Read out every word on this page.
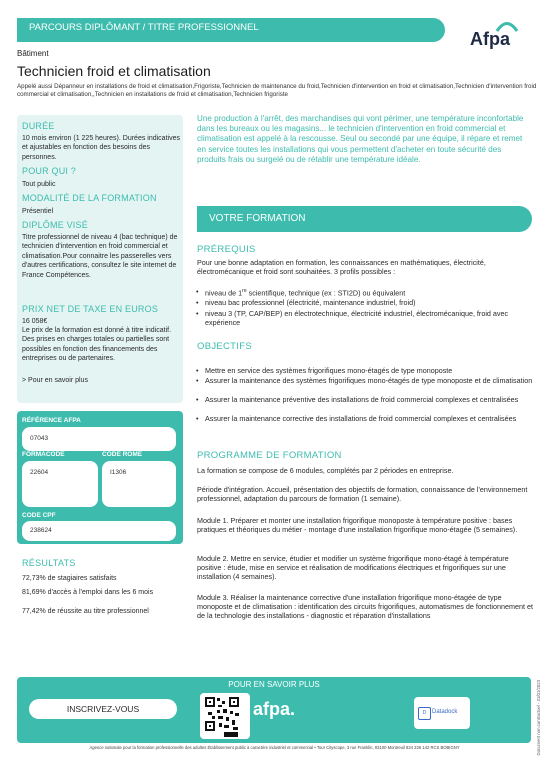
PARCOURS DIPLÔMANT / TITRE PROFESSIONNEL
Afpa
Bâtiment
Technicien froid et climatisation
Appelé aussi Dépanneur en installations de froid et climatisation,Frigoriste,Technicien de maintenance du froid,Technicien d'intervention en froid et climatisation,Technicien d'intervention froid commercial et climatisation,,Technicien en installations de froid et climatisation,Technicien frigoriste
DURÉE
10 mois environ (1 225 heures). Durées indicatives et ajustables en fonction des besoins des personnes.
POUR QUI ?
Tout public
MODALITÉ DE LA FORMATION
Présentiel
DIPLÔME VISÉ
Titre professionnel de niveau 4 (bac technique) de technicien d'intervention en froid commercial et climatisation.Pour connaitre les passerelles vers d'autres certifications, consultez le site internet de France Compétences.
PRIX NET DE TAXE EN EUROS
16 058€
Le prix de la formation est donné à titre indicatif. Des prises en charges totales ou partielles sont possibles en fonction des financements des entreprises ou de partenaires.
> Pour en savoir plus
RÉFÉRENCE AFPA
07043
FORMACODE
22604
CODE ROME
I1306
CODE CPF
238624
RÉSULTATS
72,73% de stagiaires satisfaits
81,69% d'accès à l'emploi dans les 6 mois
77,42% de réussite au titre professionnel
Une production à l'arrêt, des marchandises qui vont périmer, une température inconfortable dans les bureaux ou les magasins... le technicien d'intervention en froid commercial et climatisation est appelé à la rescousse. Seul ou secondé par une équipe, il répare et remet en service toutes les installations qui vous permettent d'acheter en toute sécurité des produits frais ou surgelé ou de rétablir une température idéale.
VOTRE FORMATION
PRÉREQUIS
Pour une bonne adaptation en formation, les connaissances en mathématiques, électricité, électromécanique et froid sont souhaitées. 3 profils possibles :
• niveau de 1re scientifique, technique (ex : STI2D) ou équivalent
• niveau bac professionnel (électricité, maintenance industriel, froid)
• niveau 3 (TP, CAP/BEP) en électrotechnique, électricité industriel, électromécanique, froid avec expérience
OBJECTIFS
• Mettre en service des systèmes frigorifiques mono-étagés de type monoposte
• Assurer la maintenance des systèmes frigorifiques mono-étagés de type monoposte et de climatisation
• Assurer la maintenance préventive des installations de froid commercial complexes et centralisées
• Assurer la maintenance corrective des installations de froid commercial complexes et centralisées
PROGRAMME DE FORMATION
La formation se compose de 6 modules, complétés par 2 périodes en entreprise.
Période d'intégration. Accueil, présentation des objectifs de formation, connaissance de l'environnement professionnel, adaptation du parcours de formation (1 semaine).
Module 1. Préparer et monter une installation frigorifique monoposte à température positive : bases pratiques et théoriques du métier - montage d'une installation frigorifique mono-étagée (5 semaines).
Module 2. Mettre en service, étudier et modifier un système frigorifique mono-étagé à température positive : étude, mise en service et réalisation de modifications électriques et frigorifiques sur une installation (4 semaines).
Module 3. Réaliser la maintenance corrective d'une installation frigorifique mono-étagée de type monoposte et de climatisation : identification des circuits frigorifiques, automatismes de fonctionnement et de la technologie des installations - diagnostic et réparation d'installations
POUR EN SAVOIR PLUS
INSCRIVEZ-VOUS	afpa.	D Datadock
Agence nationale pour la formation professionnelle des adultes Établissement public à caractère industriel et commercial • Tour Cityscope, 3 rue Franklin, 93100 Montreuil 824 226 142 RCS BOBIGNY	Document non contractuel - 31/01/2023
